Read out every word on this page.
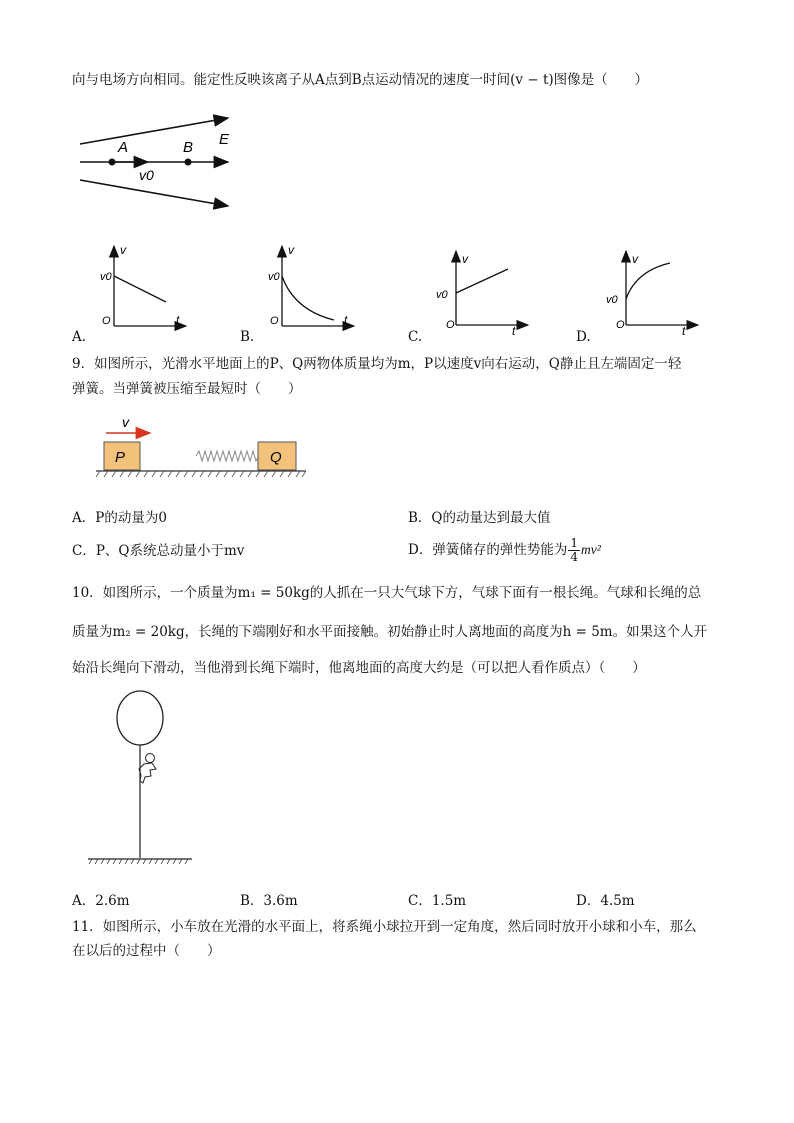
向与电场方向相同。能定性反映该离子从A点到B点运动情况的速度一时间(v − t)图像是（　　）
A	B E
v0
A.
v
t
O
v0
B.
v
t
O
v0
C.
v
t
O
v0
D.
v
t
O
v0
9．如图所示，光滑水平地面上的P、Q两物体质量均为m，P以速度v向右运动，Q静止且左端固定一轻
弹簧。当弹簧被压缩至最短时（　　）
v
P	Q
A．P的动量为0	B．Q的动量达到最大值
C．P、Q系统总动量小于mv	D．弹簧储存的弹性势能为 $\frac{1}{4} mv^2$
10．如图所示，一个质量为m₁ = 50kg的人抓在一只大气球下方，气球下面有一根长绳。气球和长绳的总
质量为m₂ = 20kg，长绳的下端刚好和水平面接触。初始静止时人离地面的高度为h = 5m。如果这个人开
始沿长绳向下滑动，当他滑到长绳下端时，他离地面的高度大约是（可以把人看作质点）（　　）
A．2.6m	B．3.6m	C．1.5m	D．4.5m
11．如图所示，小车放在光滑的水平面上，将系绳小球拉开到一定角度，然后同时放开小球和小车，那么
在以后的过程中（　　）
